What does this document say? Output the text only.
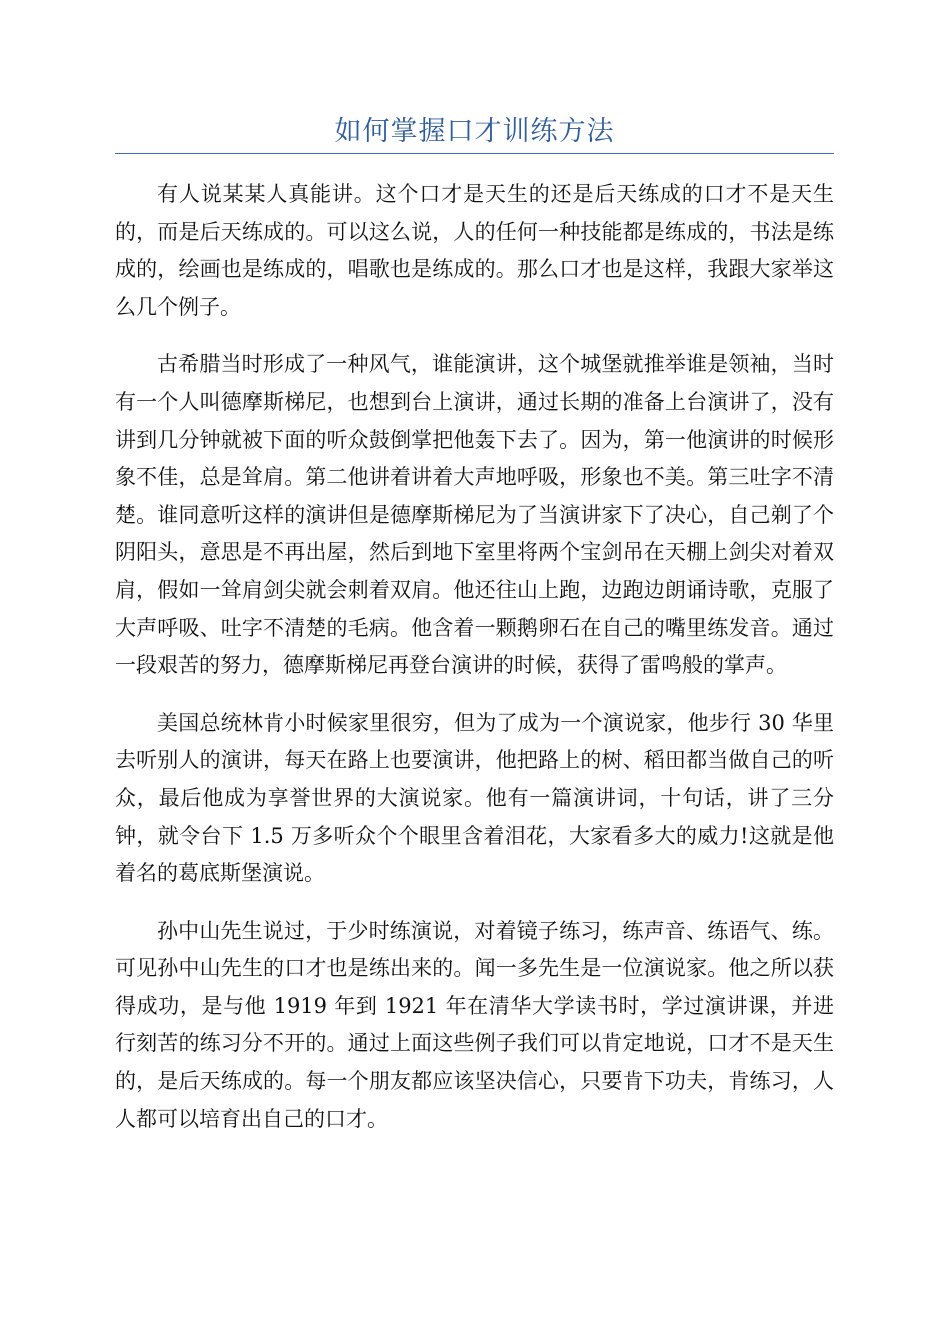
如何掌握口才训练方法

有人说某某人真能讲。这个口才是天生的还是后天练成的口才不是天生的，而是后天练成的。可以这么说，人的任何一种技能都是练成的，书法是练成的，绘画也是练成的，唱歌也是练成的。那么口才也是这样，我跟大家举这么几个例子。

古希腊当时形成了一种风气，谁能演讲，这个城堡就推举谁是领袖，当时有一个人叫德摩斯梯尼，也想到台上演讲，通过长期的准备上台演讲了，没有讲到几分钟就被下面的听众鼓倒掌把他轰下去了。因为，第一他演讲的时候形象不佳，总是耸肩。第二他讲着讲着大声地呼吸，形象也不美。第三吐字不清楚。谁同意听这样的演讲但是德摩斯梯尼为了当演讲家下了决心，自己剃了个阴阳头，意思是不再出屋，然后到地下室里将两个宝剑吊在天棚上剑尖对着双肩，假如一耸肩剑尖就会刺着双肩。他还往山上跑，边跑边朗诵诗歌，克服了大声呼吸、吐字不清楚的毛病。他含着一颗鹅卵石在自己的嘴里练发音。通过一段艰苦的努力，德摩斯梯尼再登台演讲的时候，获得了雷鸣般的掌声。

美国总统林肯小时候家里很穷，但为了成为一个演说家，他步行 30 华里去听别人的演讲，每天在路上也要演讲，他把路上的树、稻田都当做自己的听众，最后他成为享誉世界的大演说家。他有一篇演讲词，十句话，讲了三分钟，就令台下 1.5 万多听众个个眼里含着泪花，大家看多大的威力!这就是他着名的葛底斯堡演说。

孙中山先生说过，于少时练演说，对着镜子练习，练声音、练语气、练。可见孙中山先生的口才也是练出来的。闻一多先生是一位演说家。他之所以获得成功，是与他 1919 年到 1921 年在清华大学读书时，学过演讲课，并进行刻苦的练习分不开的。通过上面这些例子我们可以肯定地说，口才不是天生的，是后天练成的。每一个朋友都应该坚决信心，只要肯下功夫，肯练习，人人都可以培育出自己的口才。
